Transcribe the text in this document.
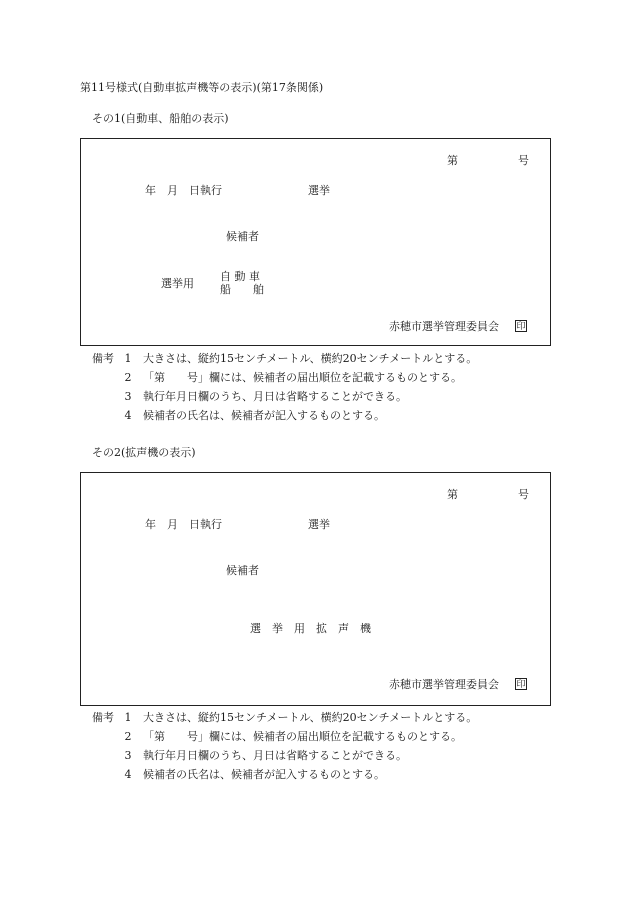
第11号様式(自動車拡声機等の表示)(第17条関係)
その1(自動車、船舶の表示)
第	号
年　月　日執行	選挙
候補者
選挙用
自 動 車
船　　舶
赤穂市選挙管理委員会 印
備考 1 大きさは、縦約15センチメートル、横約20センチメートルとする。
2 「第　　号」欄には、候補者の届出順位を記載するものとする。
3 執行年月日欄のうち、月日は省略することができる。
4 候補者の氏名は、候補者が記入するものとする。
その2(拡声機の表示)
第	号
年　月　日執行	選挙
候補者
選　挙　用　拡　声　機
赤穂市選挙管理委員会 印
備考 1 大きさは、縦約15センチメートル、横約20センチメートルとする。
2 「第　　号」欄には、候補者の届出順位を記載するものとする。
3 執行年月日欄のうち、月日は省略することができる。
4 候補者の氏名は、候補者が記入するものとする。
